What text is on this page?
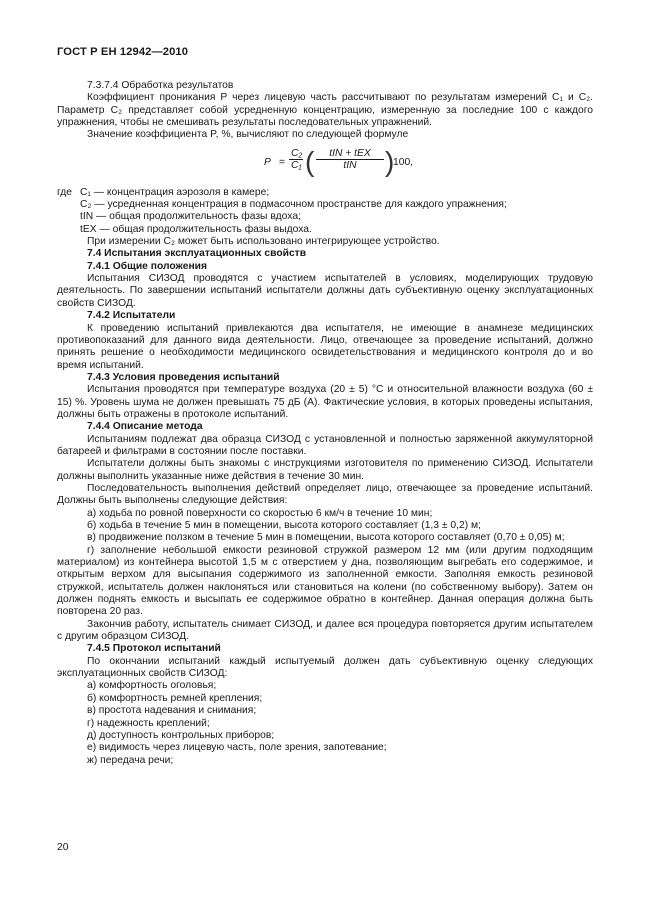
ГОСТ Р ЕН 12942—2010

7.3.7.4 Обработка результатов

Коэффициент проникания P через лицевую часть рассчитывают по результатам измерений C₁ и C₂. Параметр C₂ представляет собой усредненную концентрацию, измеренную за последние 100 с каждого упражнения, чтобы не смешивать результаты последовательных упражнений.

Значение коэффициента P, %, вычисляют по следующей формуле

$P = \frac{\text{C₂}}{\text{C₁}}$ (	tIN + tEX
tIN	)
100,
где C₁ — концентрация аэрозоля в камере;

C₂ — усредненная концентрация в подмасочном пространстве для каждого упражнения;

tIN — общая продолжительность фазы вдоха;

tEX — общая продолжительность фазы выдоха.

При измерении C₂ может быть использовано интегрирующее устройство.

7.4 Испытания эксплуатационных свойств

7.4.1 Общие положения

Испытания СИЗОД проводятся с участием испытателей в условиях, моделирующих трудовую деятельность. По завершении испытаний испытатели должны дать субъективную оценку эксплуатационных свойств СИЗОД.

7.4.2 Испытатели

К проведению испытаний привлекаются два испытателя, не имеющие в анамнезе медицинских противопоказаний для данного вида деятельности. Лицо, отвечающее за проведение испытаний, должно принять решение о необходимости медицинского освидетельствования и медицинского контроля до и во время испытаний.

7.4.3 Условия проведения испытаний

Испытания проводятся при температуре воздуха (20 ± 5) °С и относительной влажности воздуха (60 ± 15) %. Уровень шума не должен превышать 75 дБ (А). Фактические условия, в которых проведены испытания, должны быть отражены в протоколе испытаний.

7.4.4 Описание метода

Испытаниям подлежат два образца СИЗОД с установленной и полностью заряженной аккумуляторной батареей и фильтрами в состоянии после поставки.

Испытатели должны быть знакомы с инструкциями изготовителя по применению СИЗОД. Испытатели должны выполнить указанные ниже действия в течение 30 мин.

Последовательность выполнения действий определяет лицо, отвечающее за проведение испытаний. Должны быть выполнены следующие действия:

а) ходьба по ровной поверхности со скоростью 6 км/ч в течение 10 мин;

б) ходьба в течение 5 мин в помещении, высота которого составляет (1,3 ± 0,2) м;

в) продвижение ползком в течение 5 мин в помещении, высота которого составляет (0,70 ± 0,05) м;

г) заполнение небольшой емкости резиновой стружкой размером 12 мм (или другим подходящим материалом) из контейнера высотой 1,5 м с отверстием у дна, позволяющим выгребать его содержимое, и открытым верхом для высыпания содержимого из заполненной емкости. Заполняя емкость резиновой стружкой, испытатель должен наклоняться или становиться на колени (по собственному выбору). Затем он должен поднять емкость и высыпать ее содержимое обратно в контейнер. Данная операция должна быть повторена 20 раз.

Закончив работу, испытатель снимает СИЗОД, и далее вся процедура повторяется другим испытателем с другим образцом СИЗОД.

7.4.5 Протокол испытаний

По окончании испытаний каждый испытуемый должен дать субъективную оценку следующих эксплуатационных свойств СИЗОД:

а) комфортность оголовья;

б) комфортность ремней крепления;

в) простота надевания и снимания;

г) надежность креплений;

д) доступность контрольных приборов;

е) видимость через лицевую часть, поле зрения, запотевание;

ж) передача речи;

20
